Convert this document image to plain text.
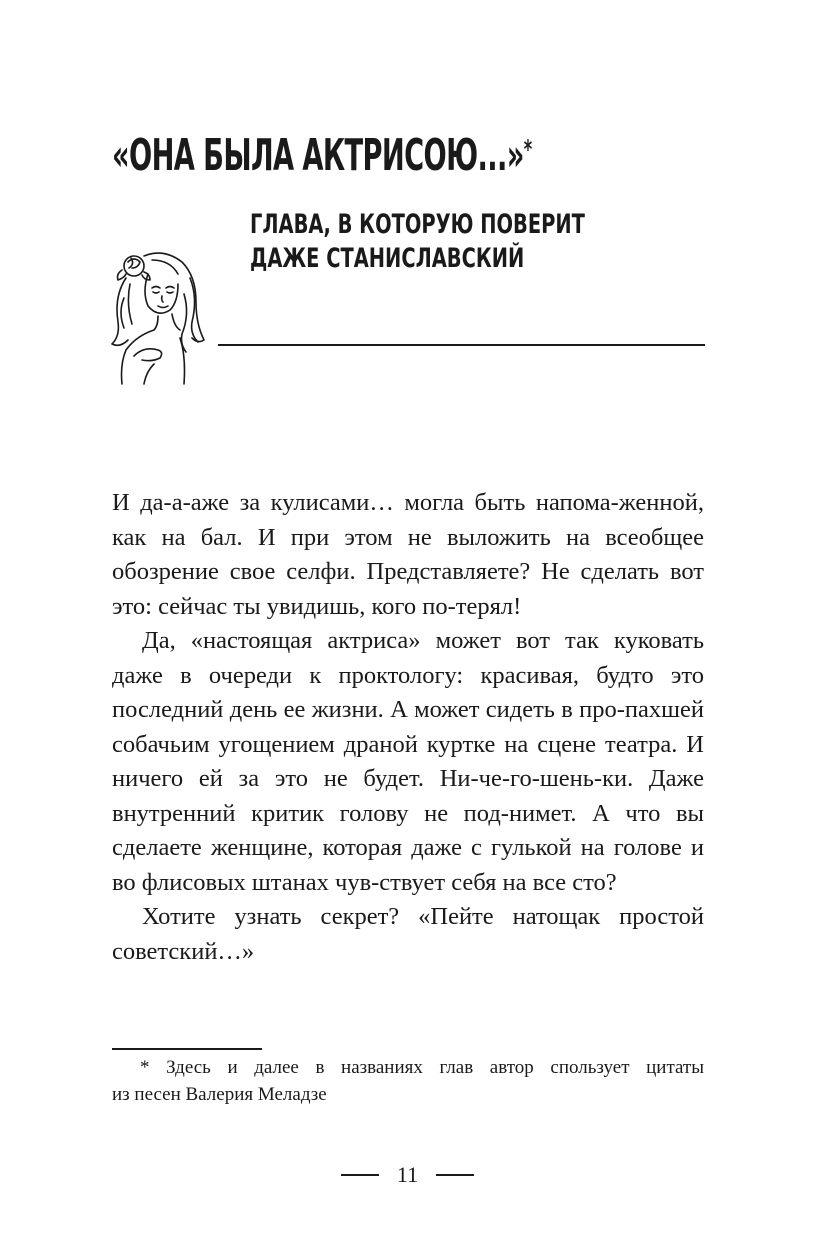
«ОНА БЫЛА АКТРИСОЮ...»*
ГЛАВА, В КОТОРУЮ ПОВЕРИТ
ДАЖЕ СТАНИСЛАВСКИЙ

И да-а-аже за кулисами… могла быть напома-женной, как на бал. И при этом не выложить на всеобщее обозрение свое селфи. Представляете? Не сделать вот это: сейчас ты увидишь, кого по-терял!

Да, «настоящая актриса» может вот так куковать даже в очереди к проктологу: красивая, будто это последний день ее жизни. А может сидеть в про-пахшей собачьим угощением драной куртке на сцене театра. И ничего ей за это не будет. Ни-че-го-шень-ки. Даже внутренний критик голову не под-нимет. А что вы сделаете женщине, которая даже с гулькой на голове и во флисовых штанах чув-ствует себя на все сто?

Хотите узнать секрет? «Пейте натощак простой советский…»

* Здесь и далее в названиях глав автор спользует цитаты
из песен Валерия Меладзе
11
